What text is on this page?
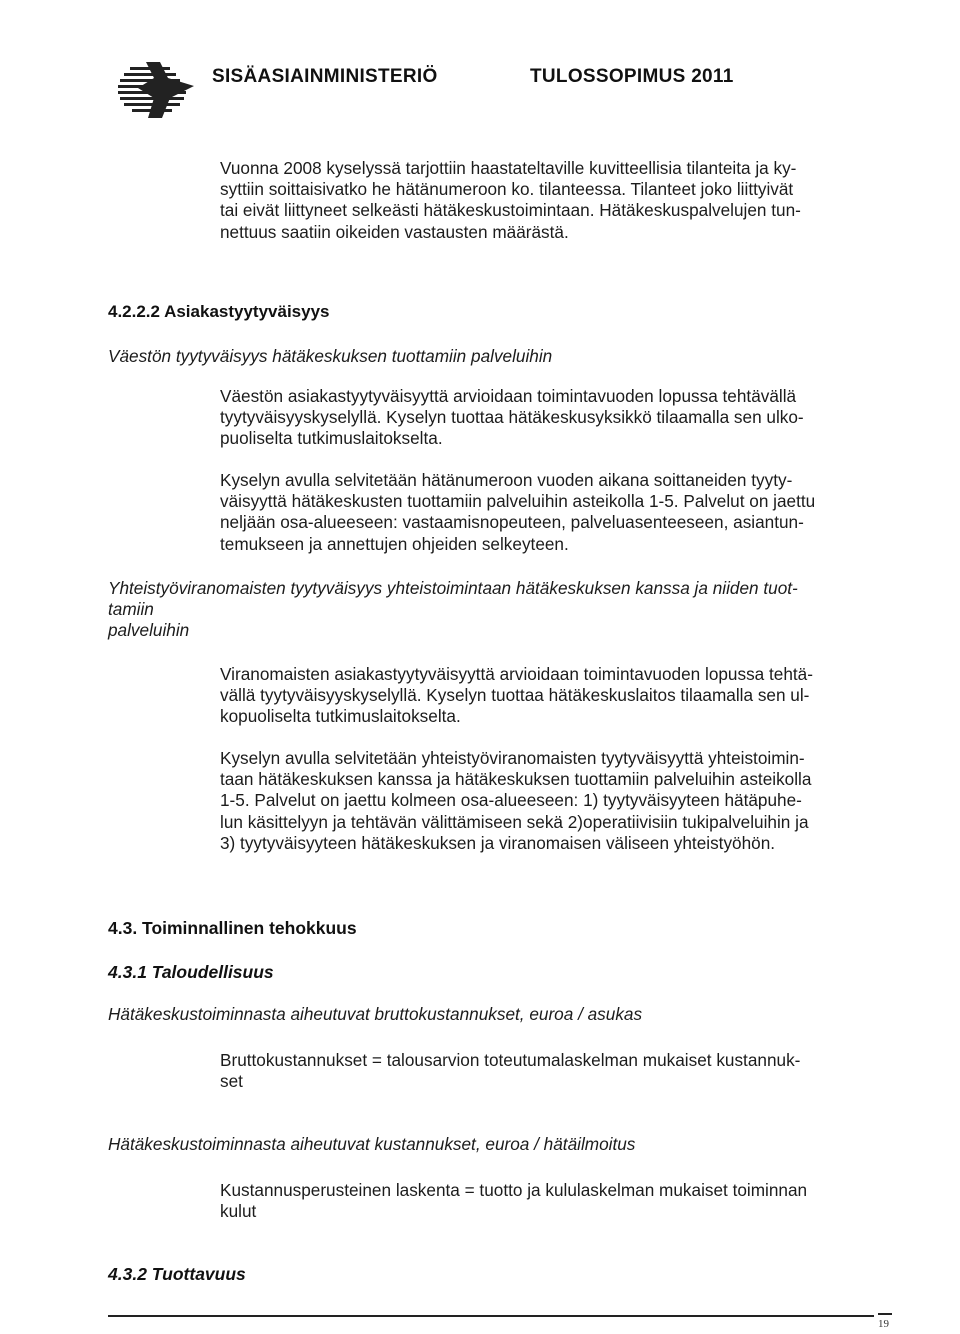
SISÄASIAINMINISTERIÖ	TULOSSOPIMUS 2011
Vuonna 2008 kyselyssä tarjottiin haastateltaville kuvitteellisia tilanteita ja ky-
syttiin soittaisivatko he hätänumeroon ko. tilanteessa. Tilanteet joko liittyivät
tai eivät liittyneet selkeästi hätäkeskustoimintaan. Hätäkeskuspalvelujen tun-
nettuus saatiin oikeiden vastausten määrästä.
4.2.2.2 Asiakastyytyväisyys
Väestön tyytyväisyys hätäkeskuksen tuottamiin palveluihin
Väestön asiakastyytyväisyyttä arvioidaan toimintavuoden lopussa tehtävällä
tyytyväisyyskyselyllä. Kyselyn tuottaa hätäkeskusyksikkö tilaamalla sen ulko-
puoliselta tutkimuslaitokselta.
Kyselyn avulla selvitetään hätänumeroon vuoden aikana soittaneiden tyyty-
väisyyttä hätäkeskusten tuottamiin palveluihin asteikolla 1-5. Palvelut on jaettu
neljään osa-alueeseen: vastaamisnopeuteen, palveluasenteeseen, asiantun-
temukseen ja annettujen ohjeiden selkeyteen.
Yhteistyöviranomaisten tyytyväisyys yhteistoimintaan hätäkeskuksen kanssa ja niiden tuot-
tamiin
palveluihin
Viranomaisten asiakastyytyväisyyttä arvioidaan toimintavuoden lopussa tehtä-
vällä tyytyväisyyskyselyllä. Kyselyn tuottaa hätäkeskuslaitos tilaamalla sen ul-
kopuoliselta tutkimuslaitokselta.
Kyselyn avulla selvitetään yhteistyöviranomaisten tyytyväisyyttä yhteistoimin-
taan hätäkeskuksen kanssa ja hätäkeskuksen tuottamiin palveluihin asteikolla
1-5. Palvelut on jaettu kolmeen osa-alueeseen: 1) tyytyväisyyteen hätäpuhe-
lun käsittelyyn ja tehtävän välittämiseen sekä 2)operatiivisiin tukipalveluihin ja
3) tyytyväisyyteen hätäkeskuksen ja viranomaisen väliseen yhteistyöhön.
4.3. Toiminnallinen tehokkuus
4.3.1 Taloudellisuus
Hätäkeskustoiminnasta aiheutuvat bruttokustannukset, euroa / asukas
Bruttokustannukset = talousarvion toteutumalaskelman mukaiset kustannuk-
set
Hätäkeskustoiminnasta aiheutuvat kustannukset, euroa / hätäilmoitus
Kustannusperusteinen laskenta = tuotto ja kululaskelman mukaiset toiminnan
kulut
4.3.2 Tuottavuus
19
